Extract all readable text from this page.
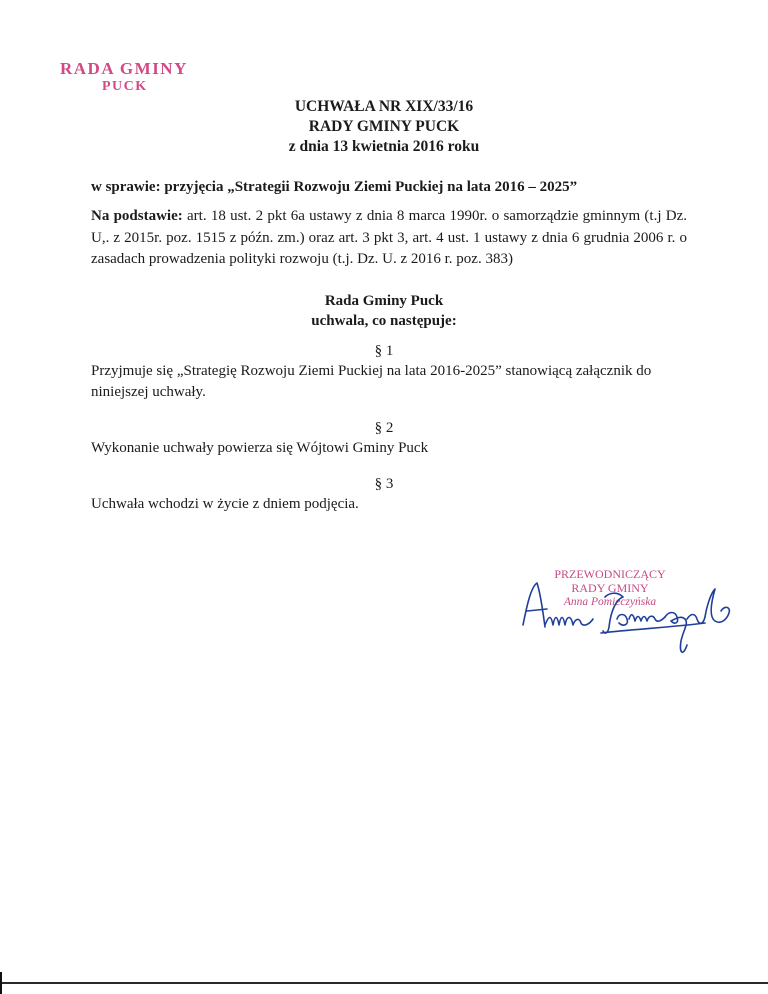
RADA GMINY
PUCK
UCHWAŁA NR XIX/33/16
RADY GMINY PUCK
z dnia 13 kwietnia 2016 roku
w sprawie: przyjęcia „Strategii Rozwoju Ziemi Puckiej na lata 2016 – 2025”
Na podstawie: art. 18 ust. 2 pkt 6a ustawy z dnia 8 marca 1990r. o samorządzie gminnym (t.j Dz. U,. z 2015r. poz. 1515 z późn. zm.) oraz art. 3 pkt 3, art. 4 ust. 1 ustawy z dnia 6 grudnia 2006 r. o zasadach prowadzenia polityki rozwoju (t.j. Dz. U. z 2016 r. poz. 383)
Rada Gminy Puck
uchwala, co następuje:
§ 1
Przyjmuje się „Strategię Rozwoju Ziemi Puckiej na lata 2016-2025” stanowiącą załącznik do niniejszej uchwały.
§ 2
Wykonanie uchwały powierza się Wójtowi Gminy Puck
§ 3
Uchwała wchodzi w życie z dniem podjęcia.
PRZEWODNICZĄCY
RADY GMINY
Anna Pomieczyńska
